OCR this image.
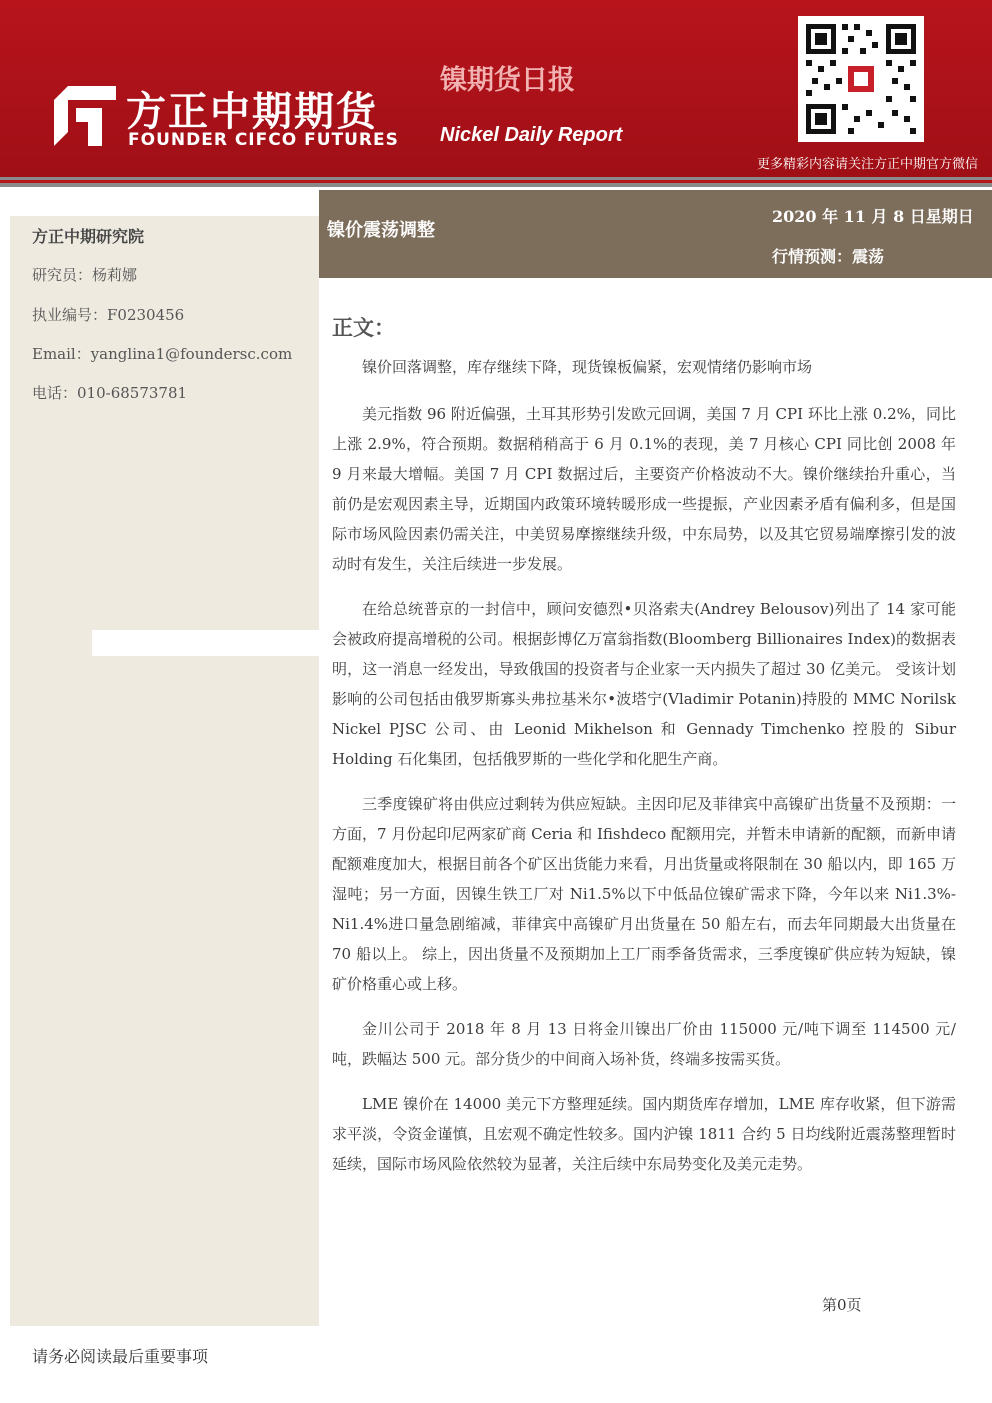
方正中期期货
FOUNDER CIFCO FUTURES
镍期货日报
Nickel Daily Report
更多精彩内容请关注方正中期官方微信
方正中期研究院
研究员：杨莉娜
执业编号：F0230456
Email：yanglina1@foundersc.com
电话：010-68573781
镍价震荡调整
2020 年 11 月 8 日星期日
行情预测：震荡
正文：

镍价回落调整，库存继续下降，现货镍板偏紧，宏观情绪仍影响市场

美元指数 96 附近偏强，土耳其形势引发欧元回调，美国 7 月 CPI 环比上涨 0.2%，同比上涨 2.9%，符合预期。数据稍稍高于 6 月 0.1%的表现，美 7 月核心 CPI 同比创 2008 年 9 月来最大增幅。美国 7 月 CPI 数据过后，主要资产价格波动不大。镍价继续抬升重心，当前仍是宏观因素主导，近期国内政策环境转暖形成一些提振，产业因素矛盾有偏利多，但是国际市场风险因素仍需关注，中美贸易摩擦继续升级，中东局势，以及其它贸易端摩擦引发的波动时有发生，关注后续进一步发展。

在给总统普京的一封信中，顾问安德烈•贝洛索夫(Andrey Belousov)列出了 14 家可能会被政府提高增税的公司。根据彭博亿万富翁指数(Bloomberg Billionaires Index)的数据表明，这一消息一经发出，导致俄国的投资者与企业家一天内损失了超过 30 亿美元。 受该计划影响的公司包括由俄罗斯寡头弗拉基米尔•波塔宁(Vladimir Potanin)持股的 MMC Norilsk Nickel PJSC 公司、由 Leonid Mikhelson 和 Gennady Timchenko 控股的 Sibur Holding 石化集团，包括俄罗斯的一些化学和化肥生产商。

三季度镍矿将由供应过剩转为供应短缺。主因印尼及菲律宾中高镍矿出货量不及预期：一方面，7 月份起印尼两家矿商 Ceria 和 Ifishdeco 配额用完，并暂未申请新的配额，而新申请配额难度加大，根据目前各个矿区出货能力来看，月出货量或将限制在 30 船以内，即 165 万湿吨；另一方面，因镍生铁工厂对 Ni1.5%以下中低品位镍矿需求下降，今年以来 Ni1.3%-Ni1.4%进口量急剧缩减，菲律宾中高镍矿月出货量在 50 船左右，而去年同期最大出货量在 70 船以上。 综上，因出货量不及预期加上工厂雨季备货需求，三季度镍矿供应转为短缺，镍矿价格重心或上移。

金川公司于 2018 年 8 月 13 日将金川镍出厂价由 115000 元/吨下调至 114500 元/吨，跌幅达 500 元。部分货少的中间商入场补货，终端多按需买货。

LME 镍价在 14000 美元下方整理延续。国内期货库存增加，LME 库存收紧，但下游需求平淡，令资金谨慎，且宏观不确定性较多。国内沪镍 1811 合约 5 日均线附近震荡整理暂时延续，国际市场风险依然较为显著，关注后续中东局势变化及美元走势。

第0页
请务必阅读最后重要事项
